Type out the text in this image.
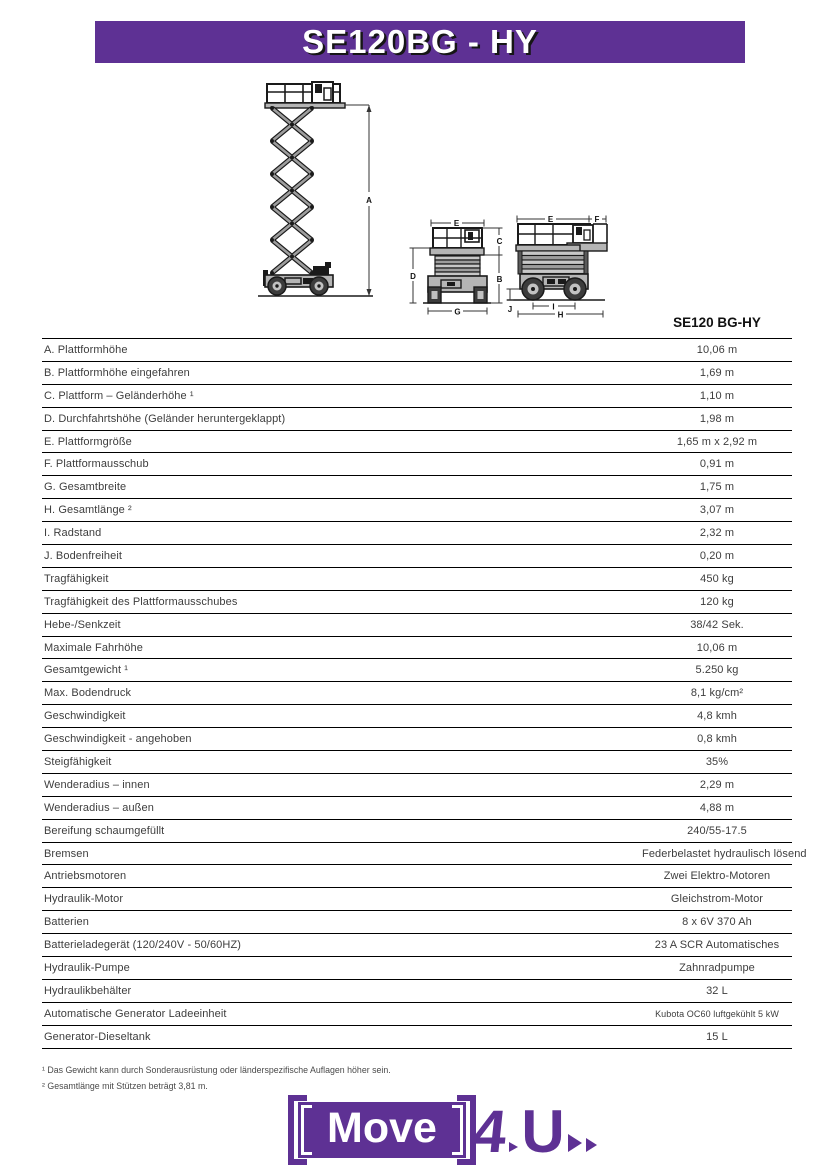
SE120BG - HY
A
E
D
C
B
G
E	F
J	I
H	SE120 BG-HY
A. Plattformhöhe	10,06 m
B. Plattformhöhe eingefahren	1,69 m
C. Plattform – Geländerhöhe ¹	1,10 m
D. Durchfahrtshöhe (Geländer heruntergeklappt)	1,98 m
E. Plattformgröße	1,65 m x 2,92 m
F. Plattformausschub	0,91 m
G. Gesamtbreite	1,75 m
H. Gesamtlänge ²	3,07 m
I. Radstand	2,32 m
J. Bodenfreiheit	0,20 m
Tragfähigkeit	450 kg
Tragfähigkeit des Plattformausschubes	120 kg
Hebe-/Senkzeit	38/42 Sek.
Maximale Fahrhöhe	10,06 m
Gesamtgewicht ¹	5.250 kg
Max. Bodendruck	8,1 kg/cm²
Geschwindigkeit	4,8 kmh
Geschwindigkeit - angehoben	0,8 kmh
Steigfähigkeit	35%
Wenderadius – innen	2,29 m
Wenderadius – außen	4,88 m
Bereifung schaumgefüllt	240/55-17.5
Bremsen	Federbelastet hydraulisch lösend
Antriebsmotoren	Zwei Elektro-Motoren
Hydraulik-Motor	Gleichstrom-Motor
Batterien	8 x 6V 370 Ah
Batterieladegerät (120/240V - 50/60HZ)	23 A SCR Automatisches
Hydraulik-Pumpe	Zahnradpumpe
Hydraulikbehälter	32 L
Automatische Generator Ladeeinheit	Kubota OC60 luftgekühlt 5 kW
Generator-Dieseltank	15 L
¹ Das Gewicht kann durch Sonderausrüstung oder länderspezifische Auflagen höher sein.
² Gesamtlänge mit Stützen beträgt 3,81 m.
Move 4 U
